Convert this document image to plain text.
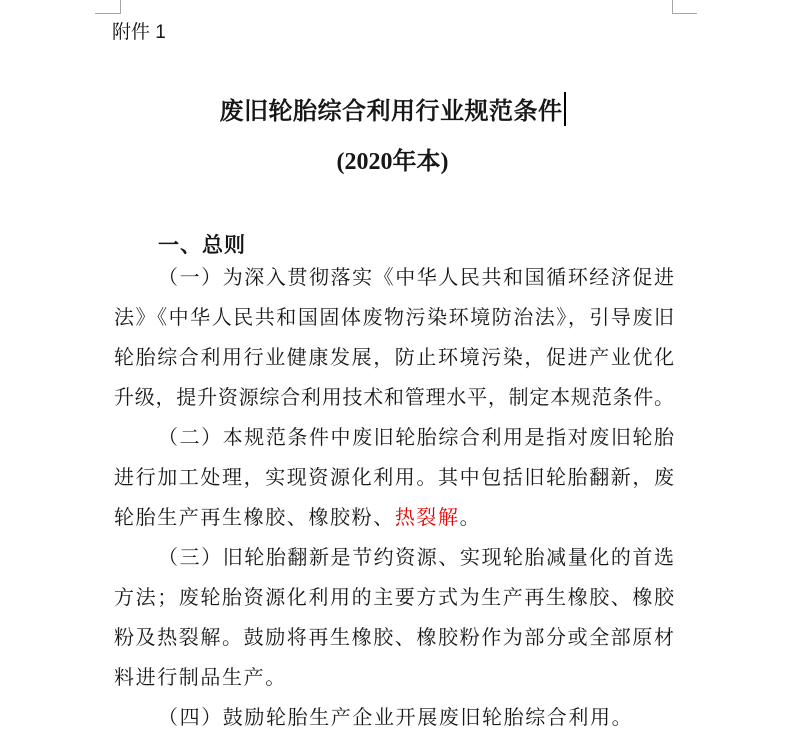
附件 1
废旧轮胎综合利用行业规范条件
(2020年本)
一、总则
（一）为深入贯彻落实《中华人民共和国循环经济促进
法》《中华人民共和国固体废物污染环境防治法》，引导废旧
轮胎综合利用行业健康发展，防止环境污染，促进产业优化
升级，提升资源综合利用技术和管理水平，制定本规范条件。
（二）本规范条件中废旧轮胎综合利用是指对废旧轮胎
进行加工处理，实现资源化利用。其中包括旧轮胎翻新，废
轮胎生产再生橡胶、橡胶粉、热裂解。
（三）旧轮胎翻新是节约资源、实现轮胎减量化的首选
方法；废轮胎资源化利用的主要方式为生产再生橡胶、橡胶
粉及热裂解。鼓励将再生橡胶、橡胶粉作为部分或全部原材
料进行制品生产。
（四）鼓励轮胎生产企业开展废旧轮胎综合利用。
